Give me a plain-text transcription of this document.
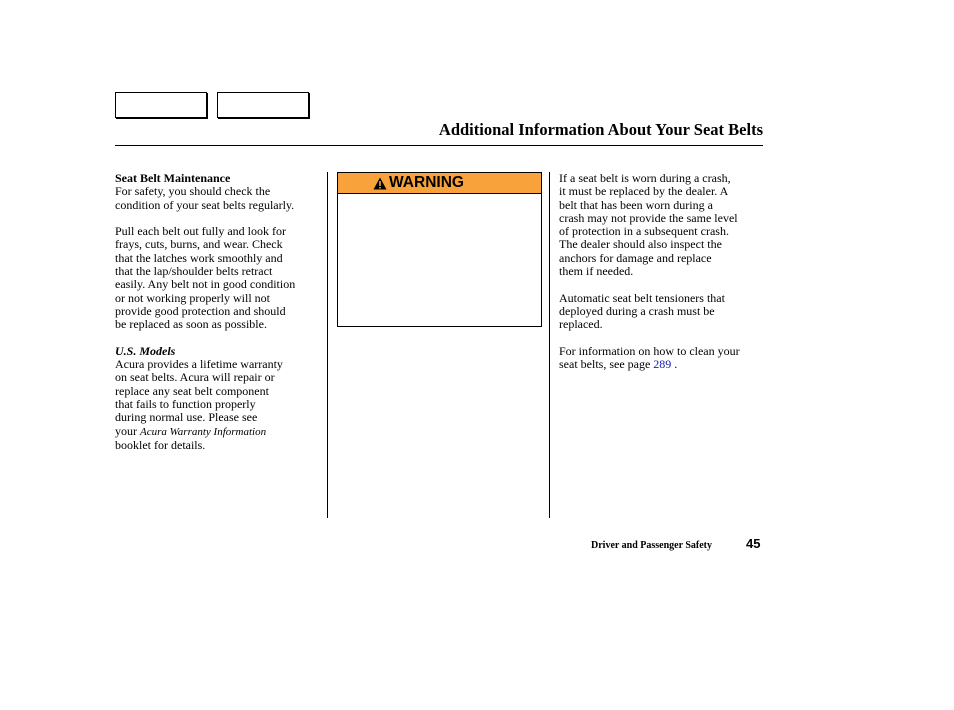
Additional Information About Your Seat Belts

Seat Belt Maintenance
For safety, you should check the
condition of your seat belts regularly.

Pull each belt out fully and look for
frays, cuts, burns, and wear. Check
that the latches work smoothly and
that the lap/shoulder belts retract
easily. Any belt not in good condition
or not working properly will not
provide good protection and should
be replaced as soon as possible.

U.S. Models
Acura provides a lifetime warranty
on seat belts. Acura will repair or
replace any seat belt component
that fails to function properly
during normal use. Please see
your Acura Warranty Information
booklet for details.

WARNING	If a seat belt is worn during a crash,
it must be replaced by the dealer. A
belt that has been worn during a
crash may not provide the same level
of protection in a subsequent crash.
The dealer should also inspect the
anchors for damage and replace
them if needed.

Automatic seat belt tensioners that
deployed during a crash must be
replaced.

For information on how to clean your
seat belts, see page 289 .

Driver and Passenger Safety	45
